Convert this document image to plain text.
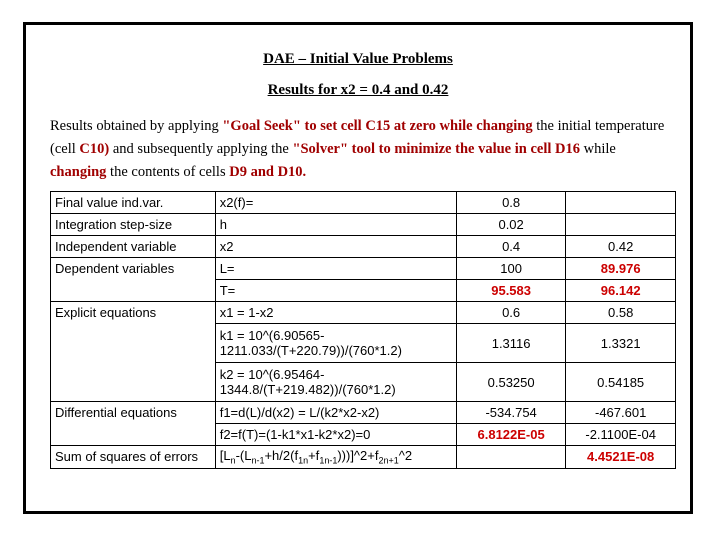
DAE – Initial Value Problems
Results for x2 = 0.4 and 0.42
Results obtained by applying "Goal Seek" to set cell C15 at zero while changing the initial temperature (cell C10) and subsequently applying the "Solver" tool to minimize the value in cell D16 while changing the contents of cells D9 and D10.
Final value ind.var.	x2(f)=	0.8	
Integration step-size	h	0.02	
Independent variable	x2	0.4	0.42
Dependent variables	L=	100	89.976
	T=	95.583	96.142
Explicit equations	x1 = 1-x2	0.6	0.58
	k1 = 10^(6.90565-1211.033/(T+220.79))/(760*1.2)	1.3116	1.3321
	k2 = 10^(6.95464-1344.8/(T+219.482))/(760*1.2)	0.53250	0.54185
Differential equations	f1=d(L)/d(x2) = L/(k2*x2-x2)	-534.754	-467.601
	f2=f(T)=(1-k1*x1-k2*x2)=0	6.8122E-05	-2.1100E-04
Sum of squares of errors	$[L_n-(L_{n-1}+h/2(f_{1n}+f_{1n-1})))]\^{}2+f_{2n+1}\^{}2$		4.4521E-08
